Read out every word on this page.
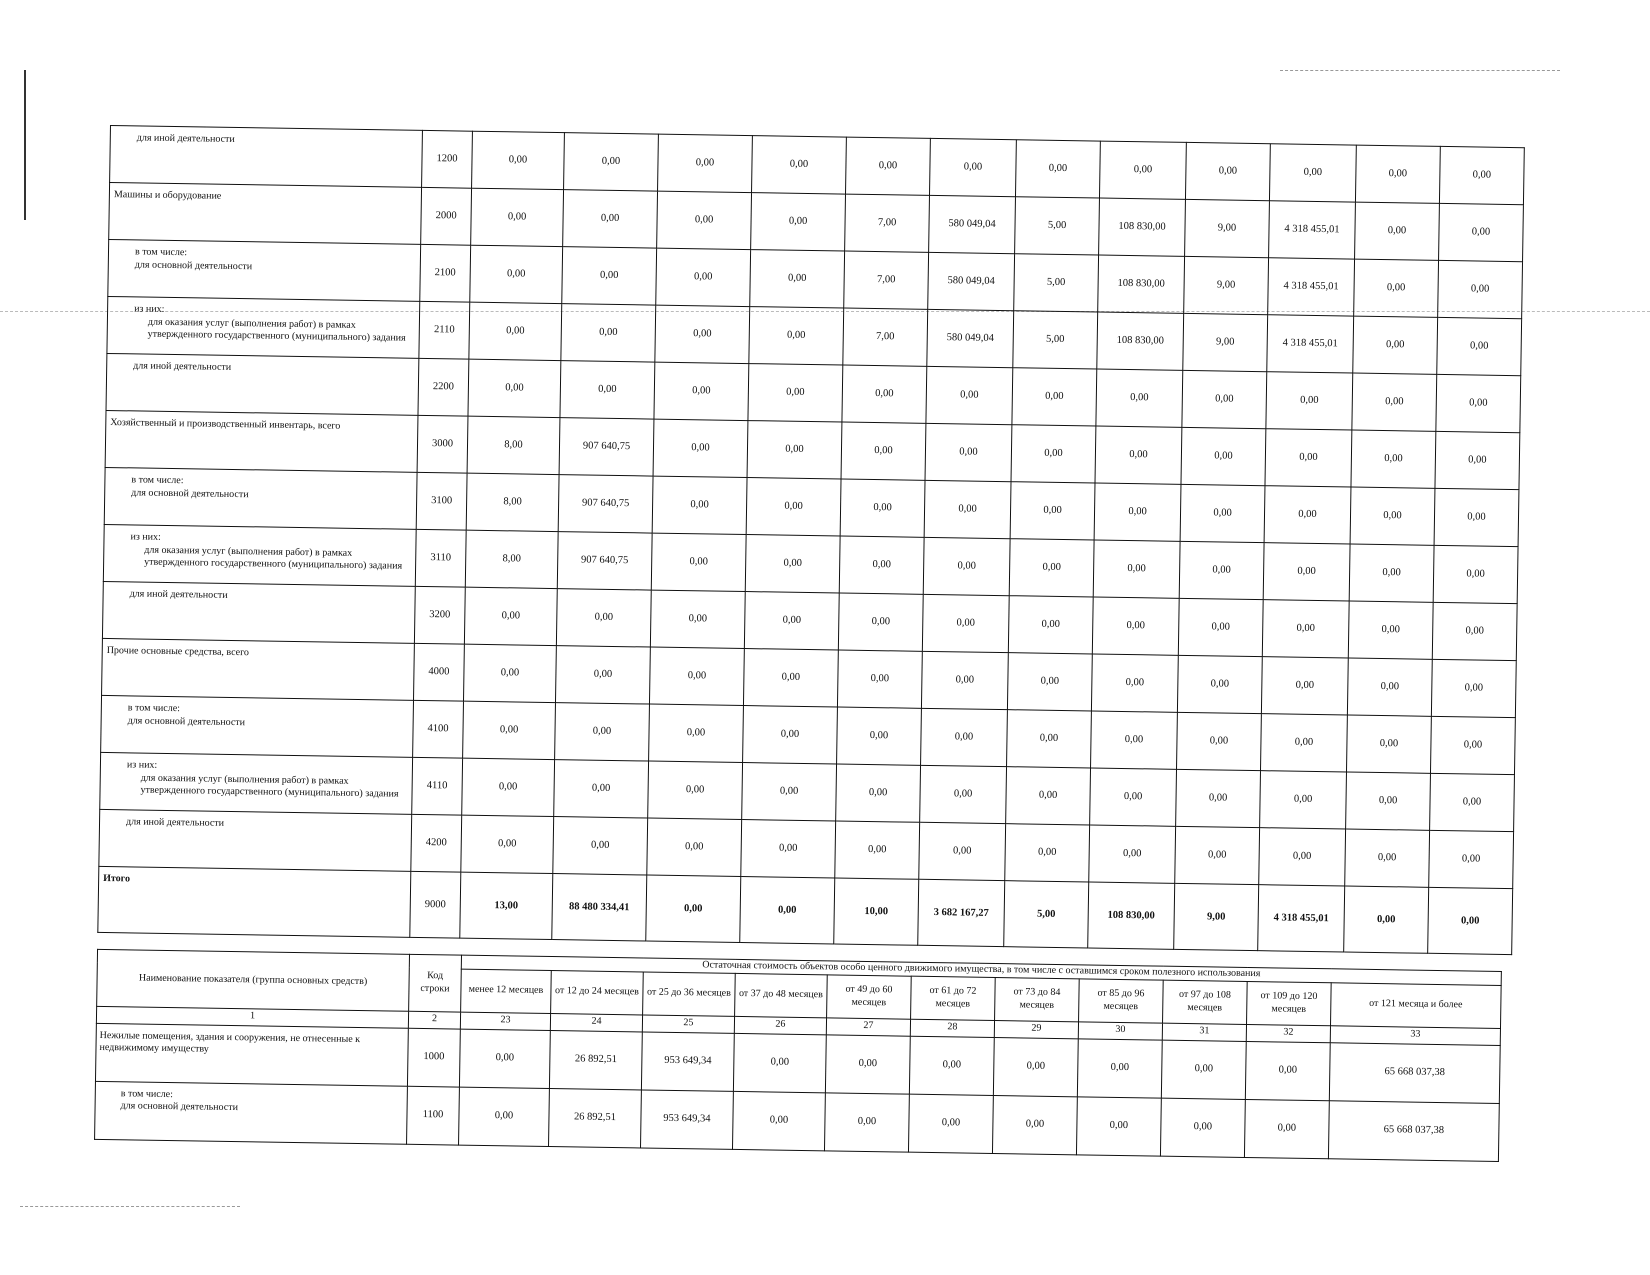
для иной деятельности	1200	0,00	0,00	0,00	0,00	0,00	0,00	0,00	0,00	0,00	0,00	0,00	0,00

Машины и оборудование	2000	0,00	0,00	0,00	0,00	7,00	580 049,04	5,00	108 830,00	9,00	4 318 455,01	0,00	0,00

в том числе:
для основной деятельности	2100	0,00	0,00	0,00	0,00	7,00	580 049,04	5,00	108 830,00	9,00	4 318 455,01	0,00	0,00

из них:
для оказания услуг (выполнения работ) в рамках
утвержденного государственного (муниципального) задания	2110	0,00	0,00	0,00	0,00	7,00	580 049,04	5,00	108 830,00	9,00	4 318 455,01	0,00	0,00

для иной деятельности	2200	0,00	0,00	0,00	0,00	0,00	0,00	0,00	0,00	0,00	0,00	0,00	0,00

Хозяйственный и производственный инвентарь, всего	3000	8,00	907 640,75	0,00	0,00	0,00	0,00	0,00	0,00	0,00	0,00	0,00	0,00

в том числе:
для основной деятельности	3100	8,00	907 640,75	0,00	0,00	0,00	0,00	0,00	0,00	0,00	0,00	0,00	0,00

из них:
для оказания услуг (выполнения работ) в рамках
утвержденного государственного (муниципального) задания	3110	8,00	907 640,75	0,00	0,00	0,00	0,00	0,00	0,00	0,00	0,00	0,00	0,00

для иной деятельности	3200	0,00	0,00	0,00	0,00	0,00	0,00	0,00	0,00	0,00	0,00	0,00	0,00

Прочие основные средства, всего	4000	0,00	0,00	0,00	0,00	0,00	0,00	0,00	0,00	0,00	0,00	0,00	0,00

в том числе:
для основной деятельности	4100	0,00	0,00	0,00	0,00	0,00	0,00	0,00	0,00	0,00	0,00	0,00	0,00

из них:
для оказания услуг (выполнения работ) в рамках
утвержденного государственного (муниципального) задания	4110	0,00	0,00	0,00	0,00	0,00	0,00	0,00	0,00	0,00	0,00	0,00	0,00

для иной деятельности	4200	0,00	0,00	0,00	0,00	0,00	0,00	0,00	0,00	0,00	0,00	0,00	0,00
Итого	9000	13,00	88 480 334,41	0,00	0,00	10,00	3 682 167,27	5,00	108 830,00	9,00	4 318 455,01	0,00	0,00
Наименование показателя (группа основных средств)	Код строки	Остаточная стоимость объектов особо ценного движимого имущества, в том числе с оставшимся сроком полезного использования										
		менее 12 месяцев	от 12 до 24 месяцев	от 25 до 36 месяцев	от 37 до 48 месяцев	от 49 до 60 месяцев	от 61 до 72 месяцев	от 73 до 84 месяцев	от 85 до 96 месяцев	от 97 до 108 месяцев	от 109 до 120 месяцев	от 121 месяца и более
1	2	23	24	25	26	27	28	29	30	31	32	33

Нежилые помещения, здания и сооружения, не отнесенные к
недвижимому имуществу	1000	0,00	26 892,51	953 649,34	0,00	0,00	0,00	0,00	0,00	0,00	0,00	65 668 037,38

в том числе:
для основной деятельности	1100	0,00	26 892,51	953 649,34	0,00	0,00	0,00	0,00	0,00	0,00	0,00	65 668 037,38
